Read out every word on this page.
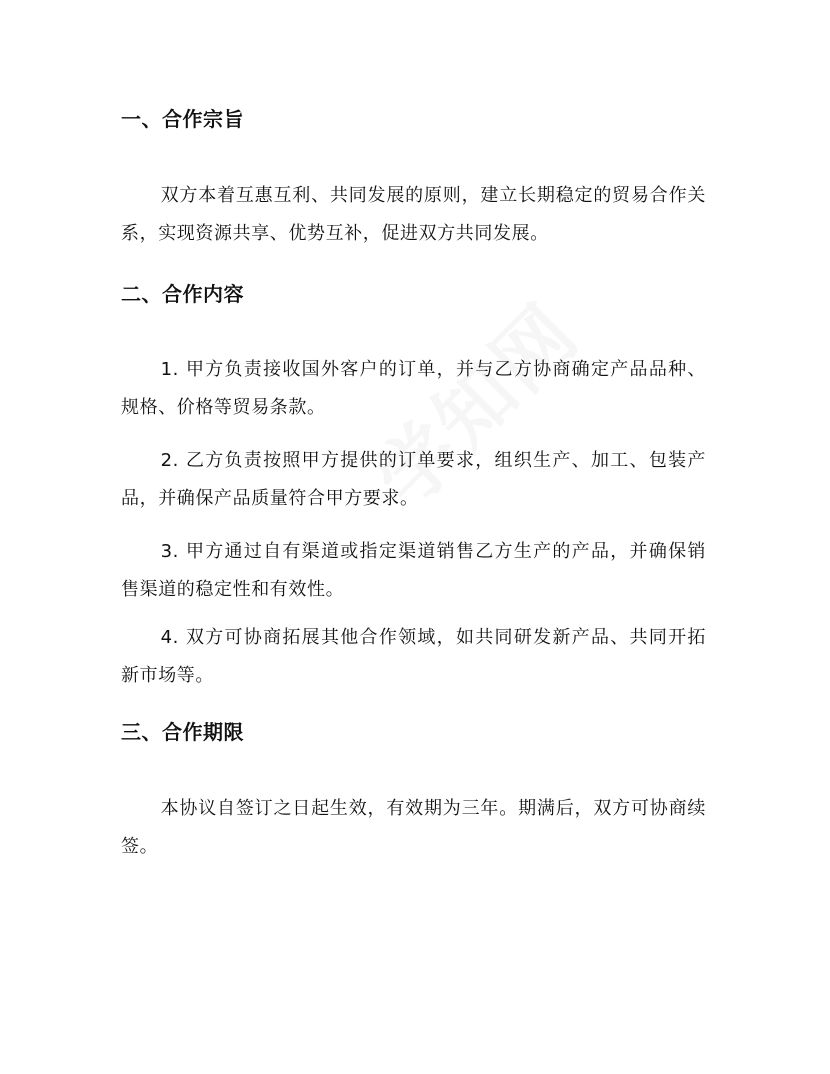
一、合作宗旨

双方本着互惠互利、共同发展的原则，建立长期稳定的贸易合作关系，实现资源共享、优势互补，促进双方共同发展。

二、合作内容

1. 甲方负责接收国外客户的订单，并与乙方协商确定产品品种、规格、价格等贸易条款。

2. 乙方负责按照甲方提供的订单要求，组织生产、加工、包装产品，并确保产品质量符合甲方要求。

3. 甲方通过自有渠道或指定渠道销售乙方生产的产品，并确保销售渠道的稳定性和有效性。

4. 双方可协商拓展其他合作领域，如共同研发新产品、共同开拓新市场等。

三、合作期限

本协议自签订之日起生效，有效期为三年。期满后，双方可协商续签。
